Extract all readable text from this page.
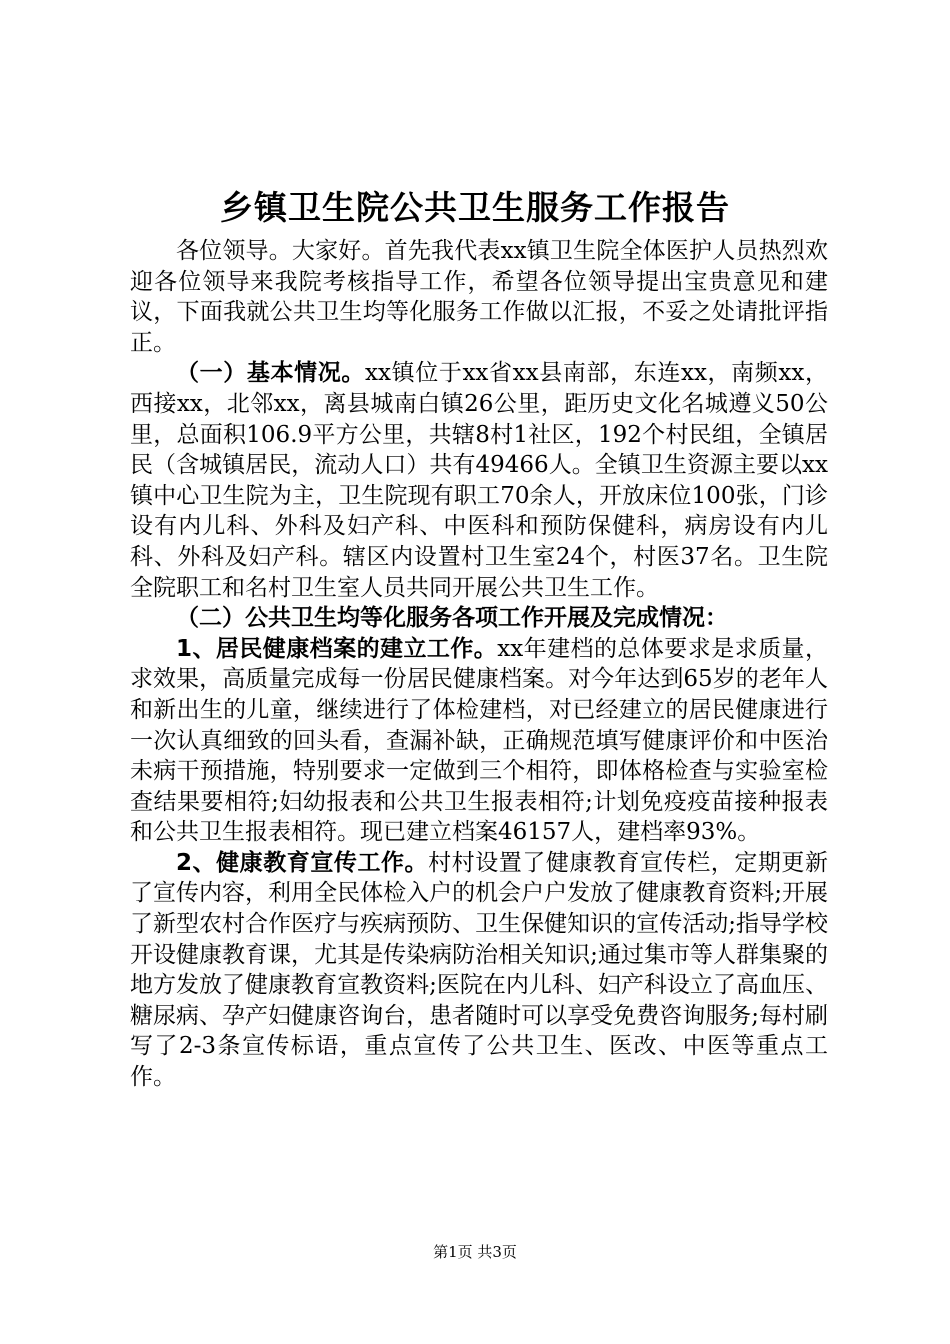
乡镇卫生院公共卫生服务工作报告

各位领导。大家好。首先我代表xx镇卫生院全体医护人员热烈欢迎各位领导来我院考核指导工作，希望各位领导提出宝贵意见和建议，下面我就公共卫生均等化服务工作做以汇报，不妥之处请批评指正。

（一）基本情况。xx镇位于xx省xx县南部，东连xx，南频xx，西接xx，北邻xx，离县城南白镇26公里，距历史文化名城遵义50公里，总面积106.9平方公里，共辖8村1社区，192个村民组，全镇居民（含城镇居民，流动人口）共有49466人。全镇卫生资源主要以xx镇中心卫生院为主，卫生院现有职工70余人，开放床位100张，门诊设有内儿科、外科及妇产科、中医科和预防保健科，病房设有内儿科、外科及妇产科。辖区内设置村卫生室24个，村医37名。卫生院全院职工和名村卫生室人员共同开展公共卫生工作。

（二）公共卫生均等化服务各项工作开展及完成情况：

1、居民健康档案的建立工作。xx年建档的总体要求是求质量，求效果，高质量完成每一份居民健康档案。对今年达到65岁的老年人和新出生的儿童，继续进行了体检建档，对已经建立的居民健康进行一次认真细致的回头看，查漏补缺，正确规范填写健康评价和中医治未病干预措施，特别要求一定做到三个相符，即体格检查与实验室检查结果要相符;妇幼报表和公共卫生报表相符;计划免疫疫苗接种报表和公共卫生报表相符。现已建立档案46157人，建档率93%。

2、健康教育宣传工作。村村设置了健康教育宣传栏，定期更新了宣传内容，利用全民体检入户的机会户户发放了健康教育资料;开展了新型农村合作医疗与疾病预防、卫生保健知识的宣传活动;指导学校开设健康教育课，尤其是传染病防治相关知识;通过集市等人群集聚的地方发放了健康教育宣教资料;医院在内儿科、妇产科设立了高血压、糖尿病、孕产妇健康咨询台，患者随时可以享受免费咨询服务;每村刷写了2-3条宣传标语，重点宣传了公共卫生、医改、中医等重点工作。

第1页 共3页
